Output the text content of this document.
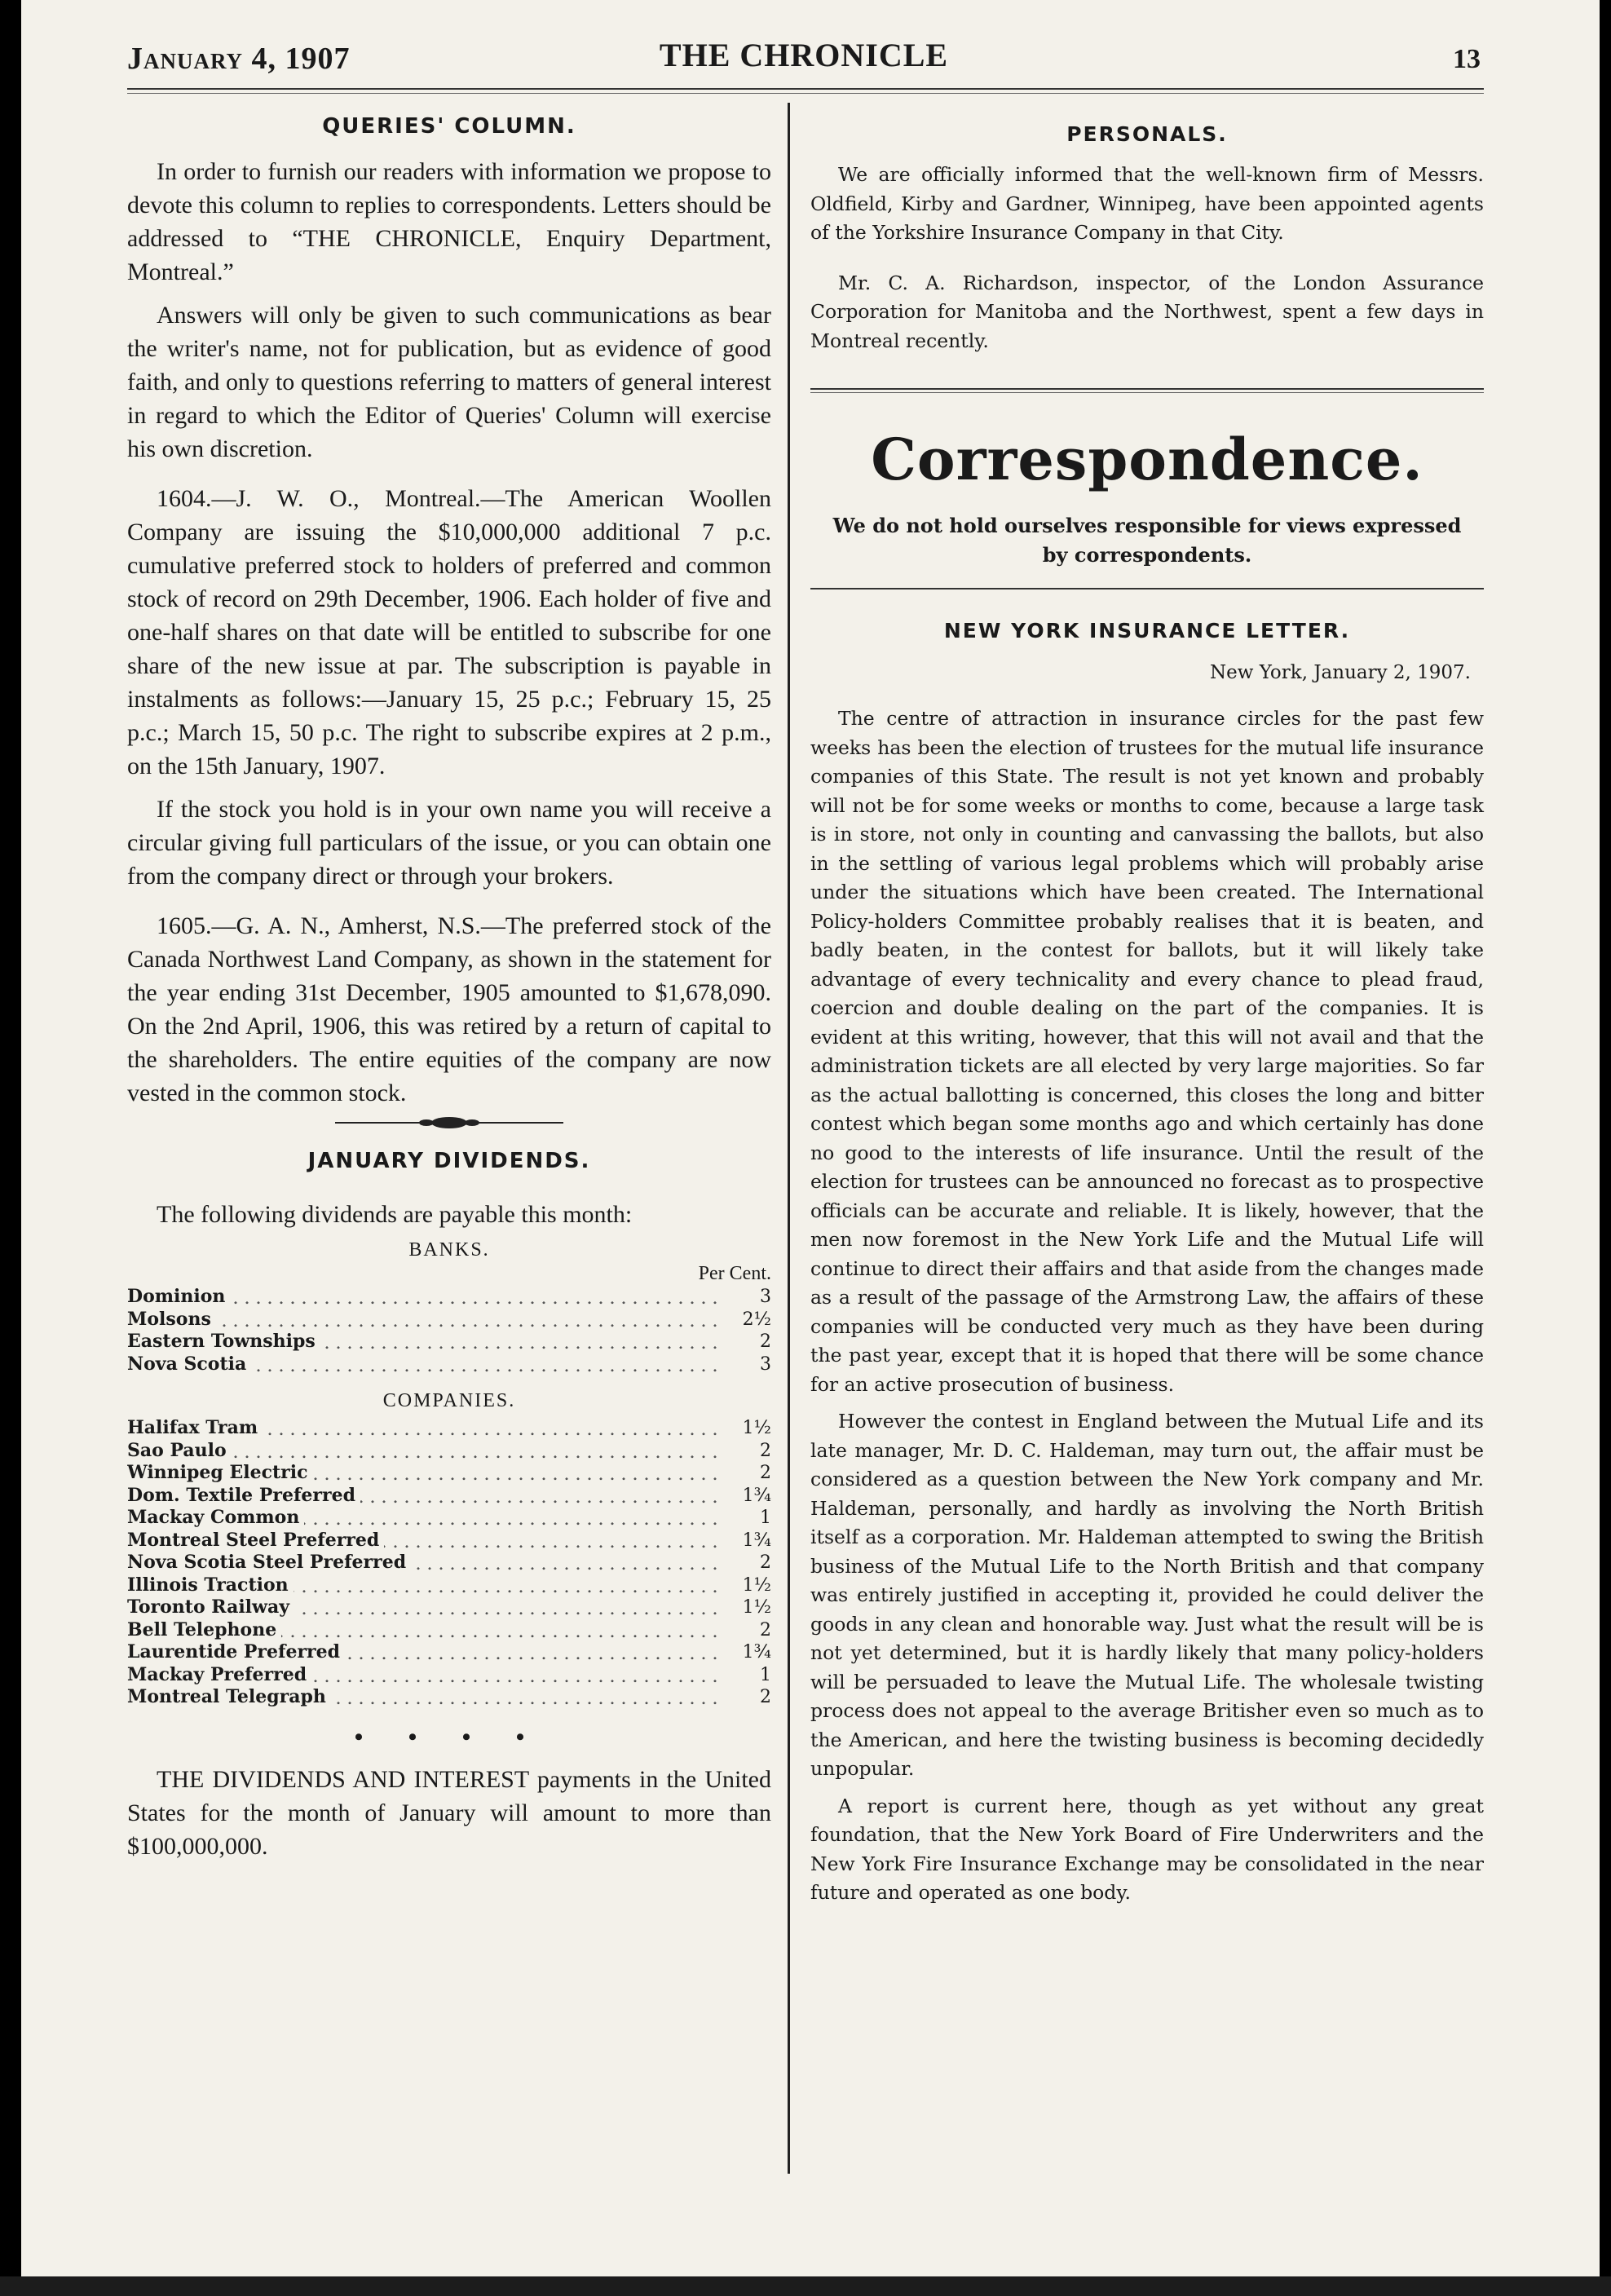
January 4, 1907	THE CHRONICLE	13
QUERIES' COLUMN.

In order to furnish our readers with information we propose to devote this column to replies to correspondents. Letters should be addressed to “THE CHRONICLE, Enquiry Department, Montreal.”

Answers will only be given to such communications as bear the writer's name, not for publication, but as evidence of good faith, and only to questions referring to matters of general interest in regard to which the Editor of Queries' Column will exercise his own discretion.

1604.—J. W. O., Montreal.—The American Woollen Company are issuing the $10,000,000 additional 7 p.c. cumulative preferred stock to holders of preferred and common stock of record on 29th December, 1906. Each holder of five and one-half shares on that date will be entitled to subscribe for one share of the new issue at par. The subscription is payable in instalments as follows:—January 15, 25 p.c.; February 15, 25 p.c.; March 15, 50 p.c. The right to subscribe expires at 2 p.m., on the 15th January, 1907.

If the stock you hold is in your own name you will receive a circular giving full particulars of the issue, or you can obtain one from the company direct or through your brokers.

1605.—G. A. N., Amherst, N.S.—The preferred stock of the Canada Northwest Land Company, as shown in the statement for the year ending 31st December, 1905 amounted to $1,678,090. On the 2nd April, 1906, this was retired by a return of capital to the shareholders. The entire equities of the company are now vested in the common stock.

JANUARY DIVIDENDS.

The following dividends are payable this month:

BANKS.

Per Cent.
Dominion	3
Molsons	2½
Eastern Townships	2
Nova Scotia	3

COMPANIES.

Halifax Tram	1½
Sao Paulo	2
Winnipeg Electric	2
Dom. Textile Preferred	1¾
Mackay Common	1
Montreal Steel Preferred	1¾
Nova Scotia Steel Preferred	2
Illinois Traction	1½
Toronto Railway	1½
Bell Telephone	2
Laurentide Preferred	1¾
Mackay Preferred	1
Montreal Telegraph	2

• • • •

THE DIVIDENDS AND INTEREST payments in the United States for the month of January will amount to more than $100,000,000.

PERSONALS.

We are officially informed that the well-known firm of Messrs. Oldfield, Kirby and Gardner, Winnipeg, have been appointed agents of the Yorkshire Insurance Company in that City.

Mr. C. A. Richardson, inspector, of the London Assurance Corporation for Manitoba and the Northwest, spent a few days in Montreal recently.

Correspondence.

We do not hold ourselves responsible for views expressed by correspondents.

NEW YORK INSURANCE LETTER.

New York, January 2, 1907.

The centre of attraction in insurance circles for the past few weeks has been the election of trustees for the mutual life insurance companies of this State. The result is not yet known and probably will not be for some weeks or months to come, because a large task is in store, not only in counting and canvassing the ballots, but also in the settling of various legal problems which will probably arise under the situations which have been created. The International Policy-holders Committee probably realises that it is beaten, and badly beaten, in the contest for ballots, but it will likely take advantage of every technicality and every chance to plead fraud, coercion and double dealing on the part of the companies. It is evident at this writing, however, that this will not avail and that the administration tickets are all elected by very large majorities. So far as the actual ballotting is concerned, this closes the long and bitter contest which began some months ago and which certainly has done no good to the interests of life insurance. Until the result of the election for trustees can be announced no forecast as to prospective officials can be accurate and reliable. It is likely, however, that the men now foremost in the New York Life and the Mutual Life will continue to direct their affairs and that aside from the changes made as a result of the passage of the Armstrong Law, the affairs of these companies will be conducted very much as they have been during the past year, except that it is hoped that there will be some chance for an active prosecution of business.

However the contest in England between the Mutual Life and its late manager, Mr. D. C. Haldeman, may turn out, the affair must be considered as a question between the New York company and Mr. Haldeman, personally, and hardly as involving the North British itself as a corporation. Mr. Haldeman attempted to swing the British business of the Mutual Life to the North British and that company was entirely justified in accepting it, provided he could deliver the goods in any clean and honorable way. Just what the result will be is not yet determined, but it is hardly likely that many policy-holders will be persuaded to leave the Mutual Life. The wholesale twisting process does not appeal to the average Britisher even so much as to the American, and here the twisting business is becoming decidedly unpopular.

A report is current here, though as yet without any great foundation, that the New York Board of Fire Underwriters and the New York Fire Insurance Exchange may be consolidated in the near future and operated as one body.
